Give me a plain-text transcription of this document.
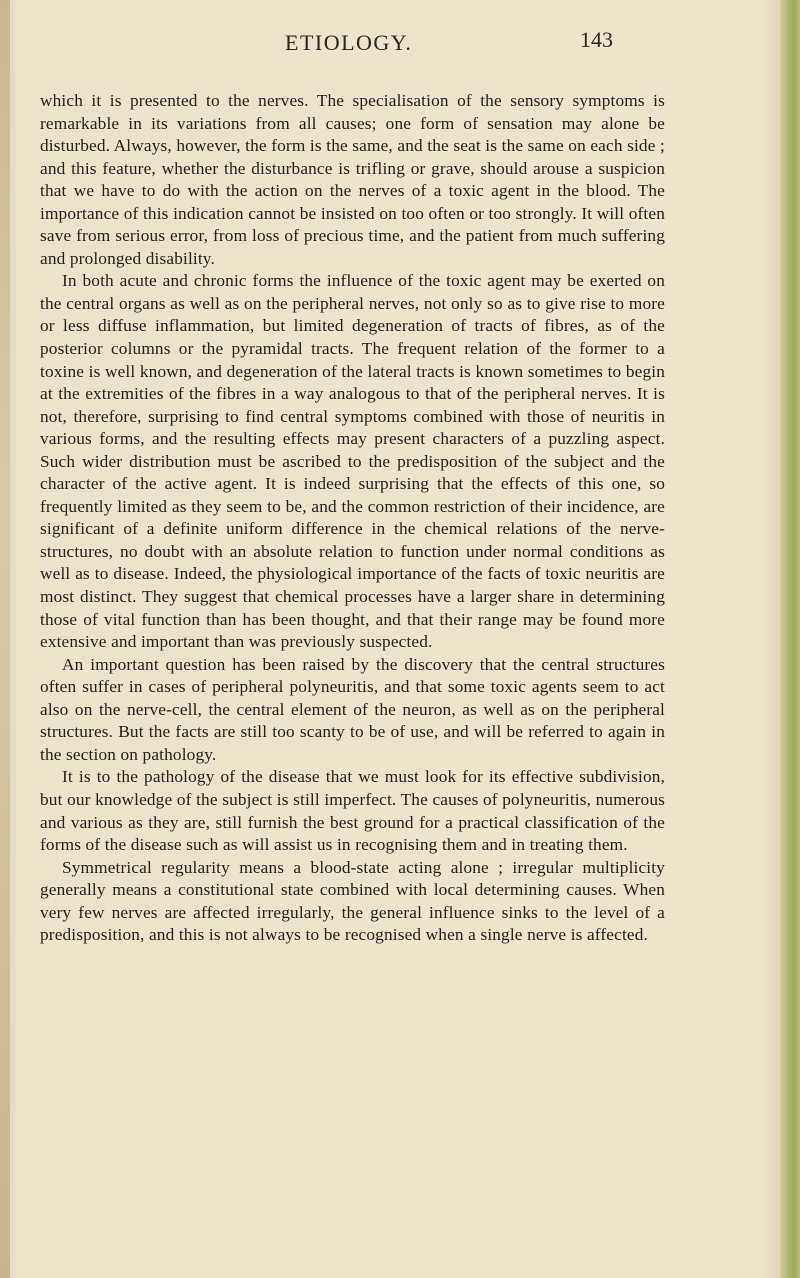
ETIOLOGY.	143

which it is presented to the nerves. The specialisation of the sensory symptoms is remarkable in its variations from all causes; one form of sensation may alone be disturbed. Always, however, the form is the same, and the seat is the same on each side ; and this feature, whether the disturbance is trifling or grave, should arouse a suspicion that we have to do with the action on the nerves of a toxic agent in the blood. The importance of this indication cannot be insisted on too often or too strongly. It will often save from serious error, from loss of precious time, and the patient from much suffering and prolonged disability.

In both acute and chronic forms the influence of the toxic agent may be exerted on the central organs as well as on the peripheral nerves, not only so as to give rise to more or less diffuse inflammation, but limited degeneration of tracts of fibres, as of the posterior columns or the pyramidal tracts. The frequent relation of the former to a toxine is well known, and degeneration of the lateral tracts is known sometimes to begin at the extremities of the fibres in a way analogous to that of the peripheral nerves. It is not, therefore, surprising to find central symptoms combined with those of neuritis in various forms, and the resulting effects may present characters of a puzzling aspect. Such wider distribution must be ascribed to the predisposition of the subject and the character of the active agent. It is indeed surprising that the effects of this one, so frequently limited as they seem to be, and the common restriction of their incidence, are significant of a definite uniform difference in the chemical relations of the nerve-structures, no doubt with an absolute relation to function under normal conditions as well as to disease. Indeed, the physiological importance of the facts of toxic neuritis are most distinct. They suggest that chemical processes have a larger share in determining those of vital function than has been thought, and that their range may be found more extensive and important than was previously suspected.

An important question has been raised by the discovery that the central structures often suffer in cases of peripheral polyneuritis, and that some toxic agents seem to act also on the nerve-cell, the central element of the neuron, as well as on the peripheral structures. But the facts are still too scanty to be of use, and will be referred to again in the section on pathology.

It is to the pathology of the disease that we must look for its effective subdivision, but our knowledge of the subject is still imperfect. The causes of polyneuritis, numerous and various as they are, still furnish the best ground for a practical classification of the forms of the disease such as will assist us in recognising them and in treating them.

Symmetrical regularity means a blood-state acting alone ; irregular multiplicity generally means a constitutional state combined with local determining causes. When very few nerves are affected irregularly, the general influence sinks to the level of a predisposition, and this is not always to be recognised when a single nerve is affected.
